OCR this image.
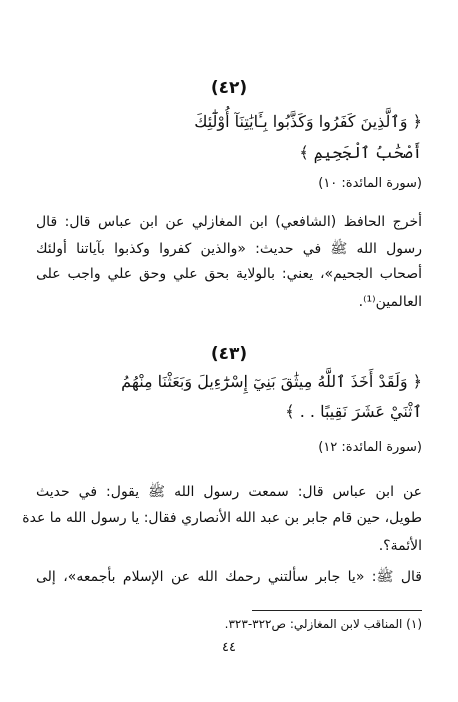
(٤٢)
﴿ وَٱلَّذِينَ كَفَرُوا وَكَذَّبُوا بِـَٔايَٰتِنَآ أُوْلَٰٓئِكَ
أَصْحَٰبُ ٱلْجَحِيمِ ﴾
(سورة المائدة: ١٠)
أخرج الحافظ (الشافعي) ابن المغازلي عن ابن عباس قال: قال
رسول الله ﷺ في حديث: «والذين كفروا وكذبوا بآياتنا أولئك
أصحاب الجحيم»، يعني: بالولاية بحق علي وحق علي واجب على
العالمين⁽¹⁾.
(٤٣)
﴿ وَلَقَدْ أَخَذَ ٱللَّهُ مِيثَٰقَ بَنِيٓ إِسْرَٰٓءِيلَ وَبَعَثْنَا مِنْهُمُ
ٱثْنَيْ عَشَرَ نَقِيبًا . . ﴾
(سورة المائدة: ١٢)
عن ابن عباس قال: سمعت رسول الله ﷺ يقول: في حديث
طويل، حين قام جابر بن عبد الله الأنصاري فقال: يا رسول الله ما عدة
الأئمة؟.
قال ﷺ: «يا جابر سألتني رحمك الله عن الإسلام بأجمعه»، إلى
(١) المناقب لابن المغازلي: ص٣٢٢-٣٢٣.
٤٤
